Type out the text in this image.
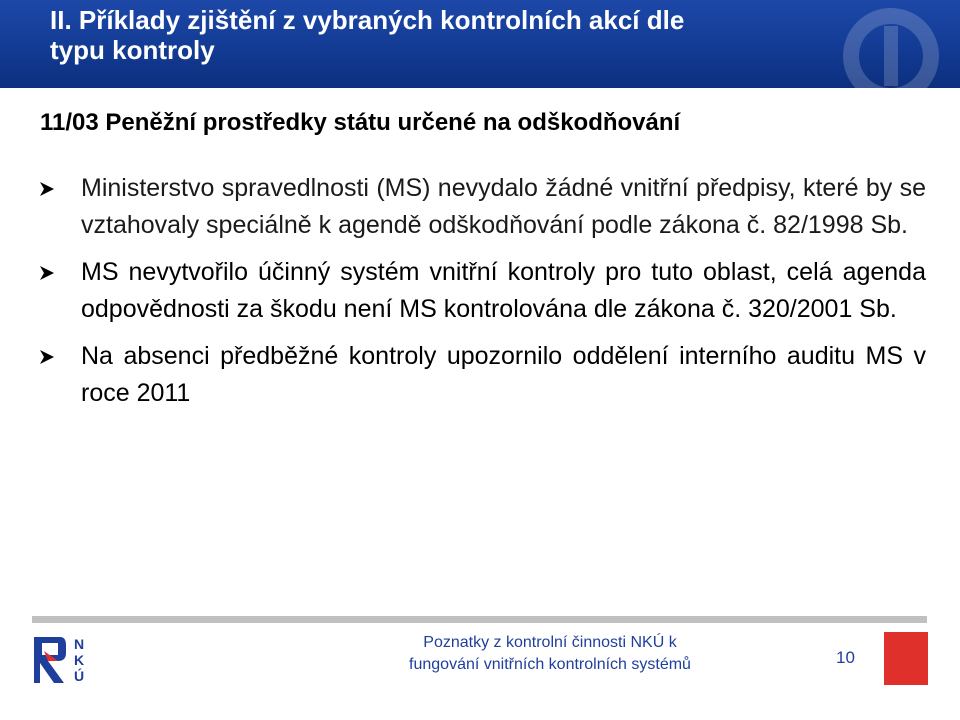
II. Příklady zjištění z vybraných kontrolních akcí dle
typu kontroly
11/03 Peněžní prostředky státu určené na odškodňování
Ministerstvo spravedlnosti (MS) nevydalo žádné vnitřní předpisy, které by se vztahovaly speciálně k agendě odškodňování podle zákona č. 82/1998 Sb.
MS nevytvořilo účinný systém vnitřní kontroly pro tuto oblast, celá agenda odpovědnosti za škodu není MS kontrolována dle zákona č. 320/2001 Sb.
Na absenci předběžné kontroly upozornilo oddělení interního auditu MS v roce 2011
N
K
Ú
Poznatky z kontrolní činnosti NKÚ k
fungování vnitřních kontrolních systémů	10
